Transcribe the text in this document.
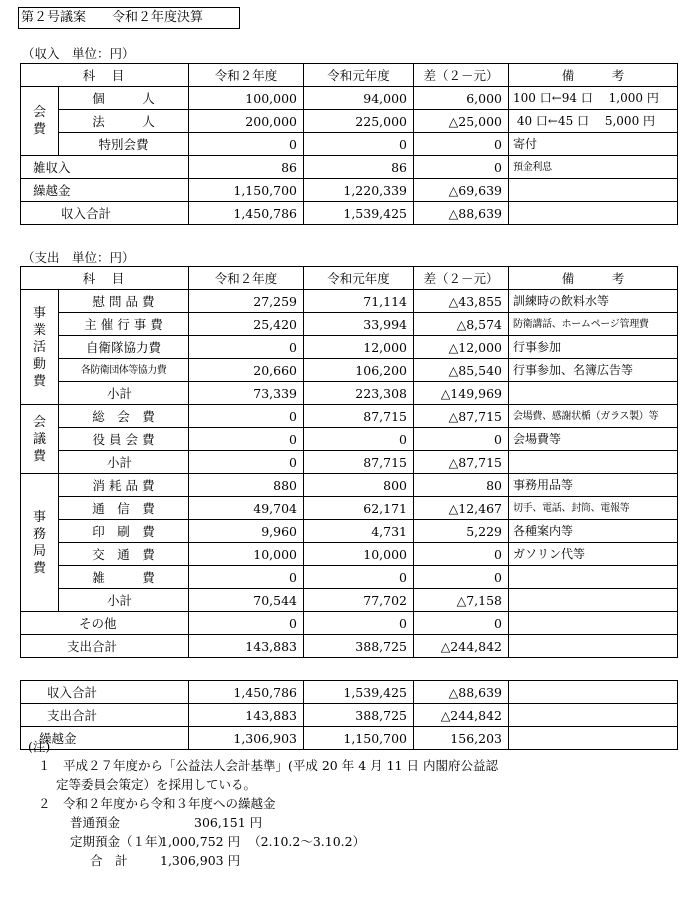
第２号議案 令和２年度決算
（収入　単位：円）
科　目		令和２年度	令和元年度	差（２－元）	備　　　考

会
費	個　　　人	100,000	94,000	6,000	100 口←94 口　 1,000 円
	法　　　人	200,000	225,000	△25,000	40 口←45 口　 5,000 円
	特別会費	0	0	0	寄付
雑収入		86	86	0	預金利息
繰越金		1,150,700	1,220,339	△69,639	
収入合計		1,450,786	1,539,425	△88,639	
（支出　単位：円）
科　目		令和２年度	令和元年度	差（２－元）	備　　　考

事
業
活
動
費	慰 問 品 費	27,259	71,114	△43,855	訓練時の飲料水等
	主 催 行 事 費	25,420	33,994	△8,574	防衛講話、ホームページ管理費
	自衛隊協力費	0	12,000	△12,000	行事参加
	各防衛団体等協力費	20,660	106,200	△85,540	行事参加、名簿広告等
	小計	73,339	223,308	△149,969	

会
議
費	総　会　費	0	87,715	△87,715	会場費、感謝状楯（ガラス製）等
	役 員 会 費	0	0	0	会場費等
	小計	0	87,715	△87,715	

事
務
局
費	消 耗 品 費	880	800	80	事務用品等
	通　信　費	49,704	62,171	△12,467	切手、電話、封筒、電報等
	印　刷　費	9,960	4,731	5,229	各種案内等
	交　通　費	10,000	10,000	0	ガソリン代等
	雑　　　費	0	0	0	
	小計	70,544	77,702	△7,158	
その他		0	0	0	
支出合計		143,883	388,725	△244,842	
収入合計	1,450,786	1,539,425	△88,639	
支出合計	143,883	388,725	△244,842	
繰越金	1,306,903	1,150,700	156,203	
(注)
１　平成２７年度から「公益法人会計基準」(平成 20 年 4 月 11 日 内閣府公益認
定等委員会策定）を採用している。
２　令和２年度から令和３年度への繰越金
普通預金	306,151 円
定期預金（１年）1,000,752 円 （2.10.2～3.10.2）
合　計	1,306,903 円
